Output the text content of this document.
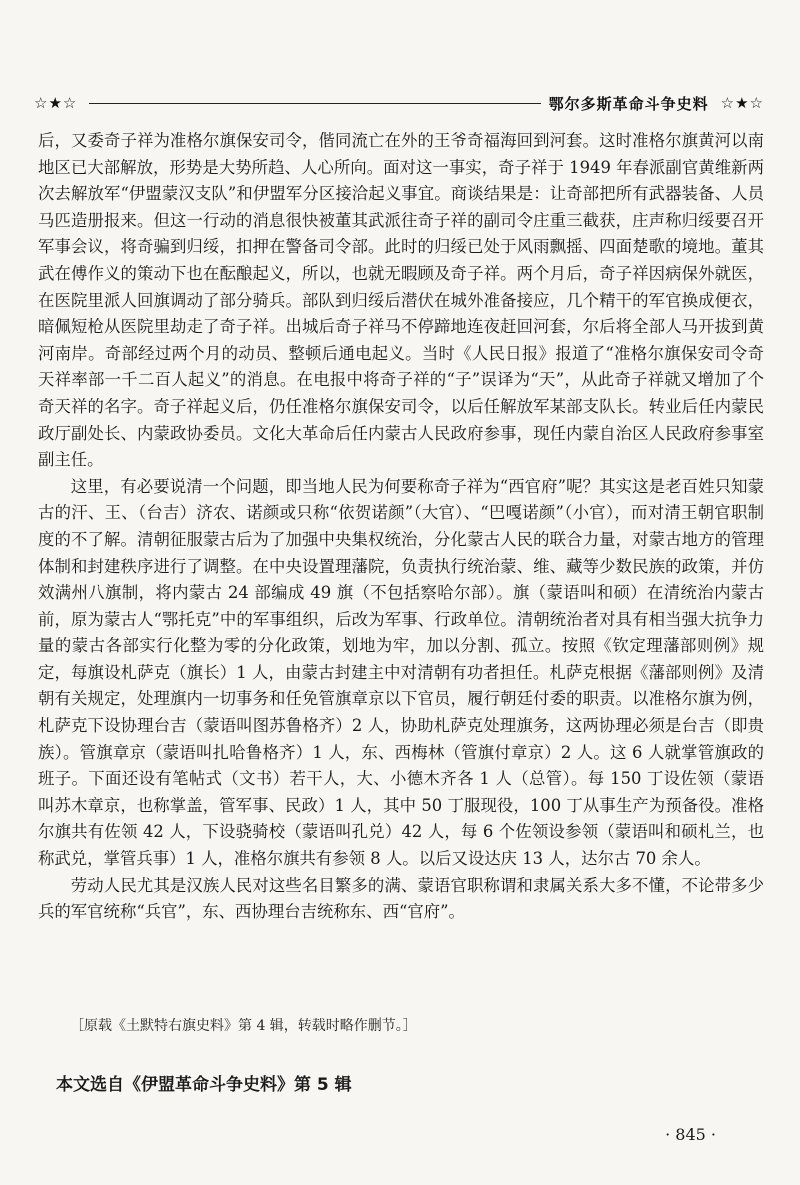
☆★☆	鄂尔多斯革命斗争史料 ☆★☆

后，又委奇子祥为准格尔旗保安司令，偕同流亡在外的王爷奇福海回到河套。这时准格尔旗黄河以南地区已大部解放，形势是大势所趋、人心所向。面对这一事实，奇子祥于 1949 年春派副官黄维新两次去解放军“伊盟蒙汉支队”和伊盟军分区接洽起义事宜。商谈结果是：让奇部把所有武器装备、人员马匹造册报来。但这一行动的消息很快被董其武派往奇子祥的副司令庄重三截获，庄声称归绥要召开军事会议，将奇骗到归绥，扣押在警备司令部。此时的归绥已处于风雨飘摇、四面楚歌的境地。董其武在傅作义的策动下也在酝酿起义，所以，也就无暇顾及奇子祥。两个月后，奇子祥因病保外就医，在医院里派人回旗调动了部分骑兵。部队到归绥后潜伏在城外准备接应，几个精干的军官换成便衣，暗佩短枪从医院里劫走了奇子祥。出城后奇子祥马不停蹄地连夜赶回河套，尔后将全部人马开拔到黄河南岸。奇部经过两个月的动员、整顿后通电起义。当时《人民日报》报道了“准格尔旗保安司令奇天祥率部一千二百人起义”的消息。在电报中将奇子祥的“子”误译为“天”，从此奇子祥就又增加了个奇天祥的名字。奇子祥起义后，仍任准格尔旗保安司令，以后任解放军某部支队长。转业后任内蒙民政厅副处长、内蒙政协委员。文化大革命后任内蒙古人民政府参事，现任内蒙自治区人民政府参事室副主任。

这里，有必要说清一个问题，即当地人民为何要称奇子祥为“西官府”呢？其实这是老百姓只知蒙古的汗、王、（台吉）济农、诺颜或只称“依贺诺颜”（大官）、“巴嘎诺颜”（小官），而对清王朝官职制度的不了解。清朝征服蒙古后为了加强中央集权统治，分化蒙古人民的联合力量，对蒙古地方的管理体制和封建秩序进行了调整。在中央设置理藩院，负责执行统治蒙、维、藏等少数民族的政策，并仿效满州八旗制，将内蒙古 24 部编成 49 旗（不包括察哈尔部）。旗（蒙语叫和硕）在清统治内蒙古前，原为蒙古人“鄂托克”中的军事组织，后改为军事、行政单位。清朝统治者对具有相当强大抗争力量的蒙古各部实行化整为零的分化政策，划地为牢，加以分割、孤立。按照《钦定理藩部则例》规定，每旗设札萨克（旗长）1 人，由蒙古封建主中对清朝有功者担任。札萨克根据《藩部则例》及清朝有关规定，处理旗内一切事务和任免管旗章京以下官员，履行朝廷付委的职责。以准格尔旗为例，札萨克下设协理台吉（蒙语叫图苏鲁格齐）2 人，协助札萨克处理旗务，这两协理必须是台吉（即贵族）。管旗章京（蒙语叫扎哈鲁格齐）1 人，东、西梅林（管旗付章京）2 人。这 6 人就掌管旗政的班子。下面还设有笔帖式（文书）若干人，大、小德木齐各 1 人（总管）。每 150 丁设佐领（蒙语叫苏木章京，也称掌盖，管军事、民政）1 人，其中 50 丁服现役，100 丁从事生产为预备役。准格尔旗共有佐领 42 人，下设骁骑校（蒙语叫孔兑）42 人，每 6 个佐领设参领（蒙语叫和硕札兰，也称武兑，掌管兵事）1 人，准格尔旗共有参领 8 人。以后又设达庆 13 人，达尔古 70 余人。

劳动人民尤其是汉族人民对这些名目繁多的满、蒙语官职称谓和隶属关系大多不懂，不论带多少兵的军官统称“兵官”，东、西协理台吉统称东、西“官府”。

［原载《土默特右旗史料》第 4 辑，转载时略作删节。］
本文选自《伊盟革命斗争史料》第 5 辑
· 845 ·
